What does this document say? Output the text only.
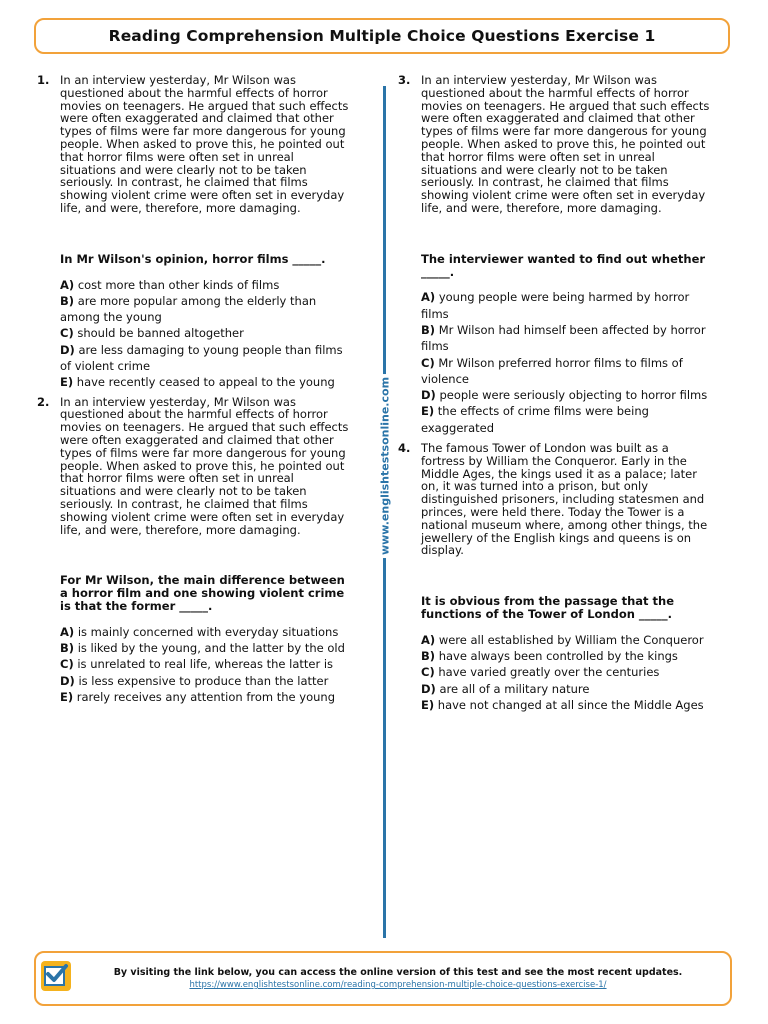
Reading Comprehension Multiple Choice Questions Exercise 1
1. In an interview yesterday, Mr Wilson was questioned about the harmful effects of horror movies on teenagers. He argued that such effects were often exaggerated and claimed that other types of films were far more dangerous for young people. When asked to prove this, he pointed out that horror films were often set in unreal situations and were clearly not to be taken seriously. In contrast, he claimed that films showing violent crime were often set in everyday life, and were, therefore, more damaging.

In Mr Wilson's opinion, horror films _____.

A) cost more than other kinds of films
B) are more popular among the elderly than among the young
C) should be banned altogether
D) are less damaging to young people than films of violent crime
E) have recently ceased to appeal to the young
2. In an interview yesterday, Mr Wilson was questioned about the harmful effects of horror movies on teenagers. He argued that such effects were often exaggerated and claimed that other types of films were far more dangerous for young people. When asked to prove this, he pointed out that horror films were often set in unreal situations and were clearly not to be taken seriously. In contrast, he claimed that films showing violent crime were often set in everyday life, and were, therefore, more damaging.

For Mr Wilson, the main difference between a horror film and one showing violent crime is that the former _____.

A) is mainly concerned with everyday situations
B) is liked by the young, and the latter by the old
C) is unrelated to real life, whereas the latter is
D) is less expensive to produce than the latter
E) rarely receives any attention from the young
www.englishtestsonline.com
3. In an interview yesterday, Mr Wilson was questioned about the harmful effects of horror movies on teenagers. He argued that such effects were often exaggerated and claimed that other types of films were far more dangerous for young people. When asked to prove this, he pointed out that horror films were often set in unreal situations and were clearly not to be taken seriously. In contrast, he claimed that films showing violent crime were often set in everyday life, and were, therefore, more damaging.

The interviewer wanted to find out whether _____.

A) young people were being harmed by horror films
B) Mr Wilson had himself been affected by horror films
C) Mr Wilson preferred horror films to films of violence
D) people were seriously objecting to horror films
E) the effects of crime films were being exaggerated
4. The famous Tower of London was built as a fortress by William the Conqueror. Early in the Middle Ages, the kings used it as a palace; later on, it was turned into a prison, but only distinguished prisoners, including statesmen and princes, were held there. Today the Tower is a national museum where, among other things, the jewellery of the English kings and queens is on display.

It is obvious from the passage that the functions of the Tower of London _____.

A) were all established by William the Conqueror
B) have always been controlled by the kings
C) have varied greatly over the centuries
D) are all of a military nature
E) have not changed at all since the Middle Ages
By visiting the link below, you can access the online version of this test and see the most recent updates.
https://www.englishtestsonline.com/reading-comprehension-multiple-choice-questions-exercise-1/
